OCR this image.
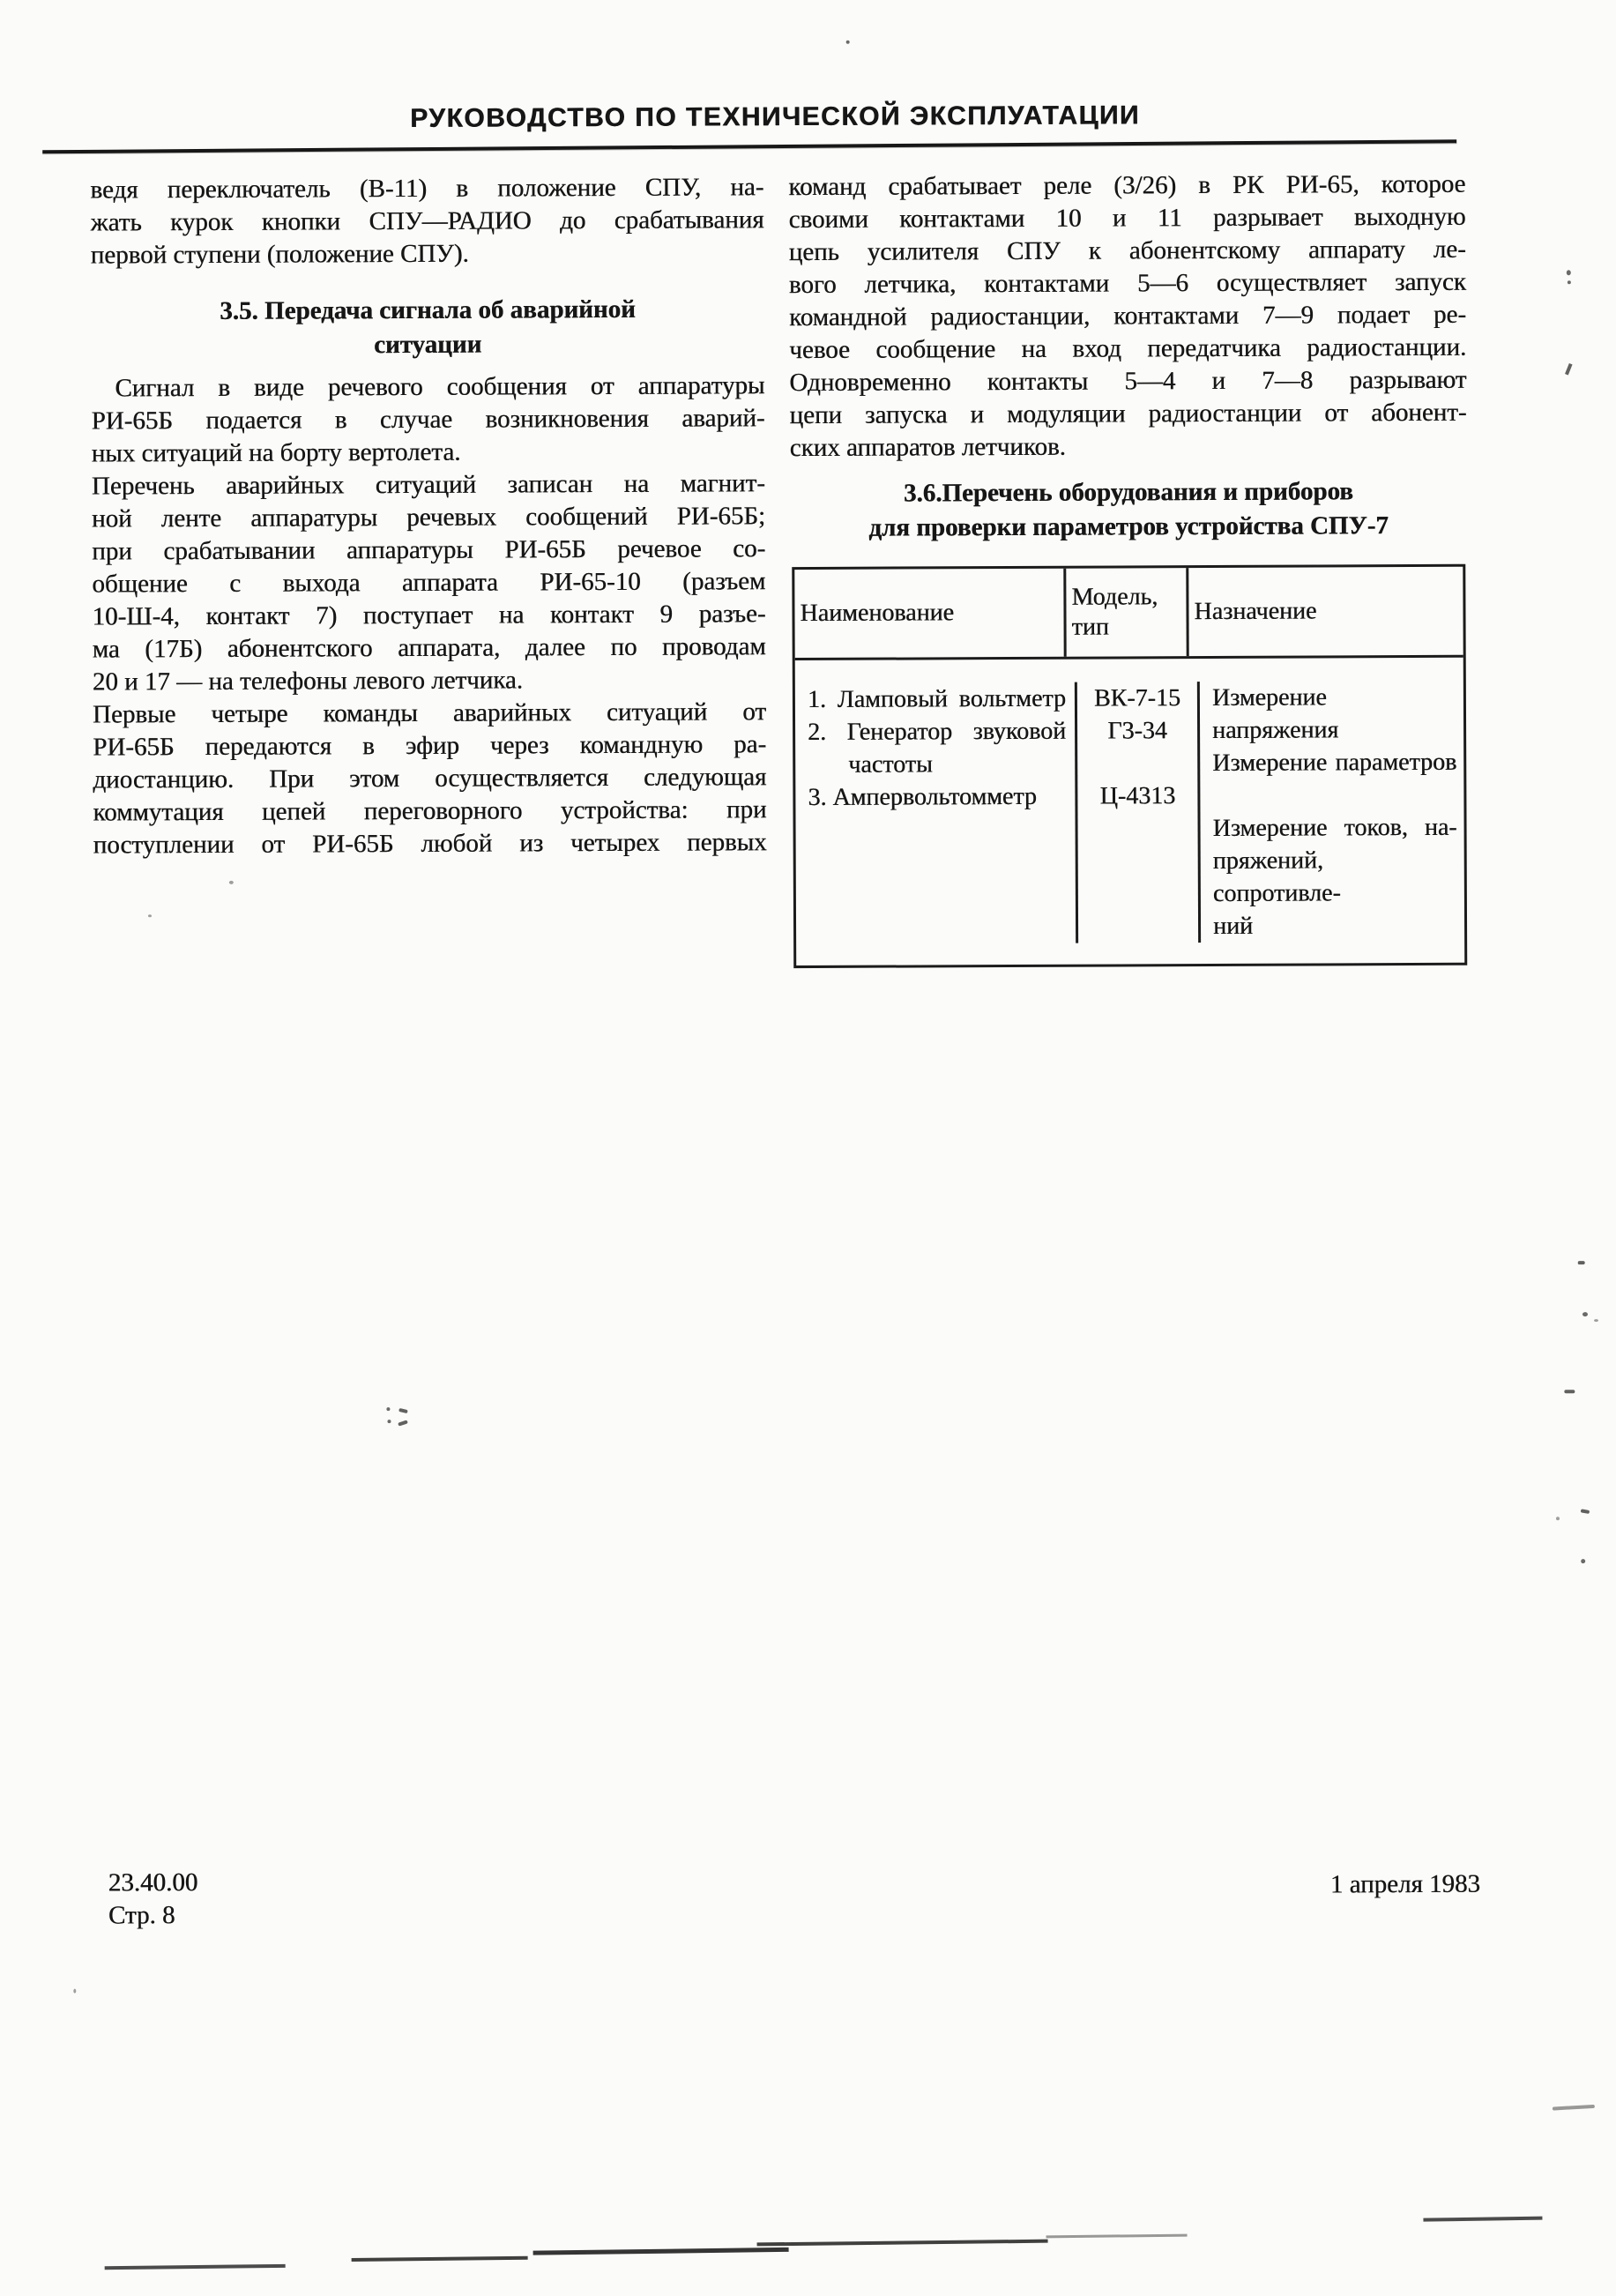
РУКОВОДСТВО ПО ТЕХНИЧЕСКОЙ ЭКСПЛУАТАЦИИ
ведя переключатель (В-11) в положение СПУ, на-
жать курок кнопки СПУ—РАДИО до срабатывания
первой ступени (положение СПУ).
3.5. Передача сигнала об аварийной
ситуации
Сигнал в виде речевого сообщения от аппаратуры
РИ-65Б подается в случае возникновения аварий-
ных ситуаций на борту вертолета.
Перечень аварийных ситуаций записан на магнит-
ной ленте аппаратуры речевых сообщений РИ-65Б;
при срабатывании аппаратуры РИ-65Б речевое со-
общение с выхода аппарата РИ-65-10 (разъем
10-Ш-4, контакт 7) поступает на контакт 9 разъе-
ма (17Б) абонентского аппарата, далее по проводам
20 и 17 — на телефоны левого летчика.
Первые четыре команды аварийных ситуаций от
РИ-65Б передаются в эфир через командную ра-
диостанцию. При этом осуществляется следующая
коммутация цепей переговорного устройства: при
поступлении от РИ-65Б любой из четырех первых
команд срабатывает реле (3/26) в РК РИ-65, которое
своими контактами 10 и 11 разрывает выходную
цепь усилителя СПУ к абонентскому аппарату ле-
вого летчика, контактами 5—6 осуществляет запуск
командной радиостанции, контактами 7—9 подает ре-
чевое сообщение на вход передатчика радиостанции.
Одновременно контакты 5—4 и 7—8 разрывают
цепи запуска и модуляции радиостанции от абонент-
ских аппаратов летчиков.
3.6.Перечень оборудования и приборов
для проверки параметров устройства СПУ-7
Наименование
Модель,
тип
Назначение
1. Ламповый вольтметр
2. Генератор звуковой
частоты
3. Ампервольтомметр
ВК-7-15
Г3-34

Ц-4313
Измерение напряжения
Измерение параметров

Измерение токов, на-
пряжений, сопротивле-
ний
23.40.00
Стр. 8
1 апреля 1983
